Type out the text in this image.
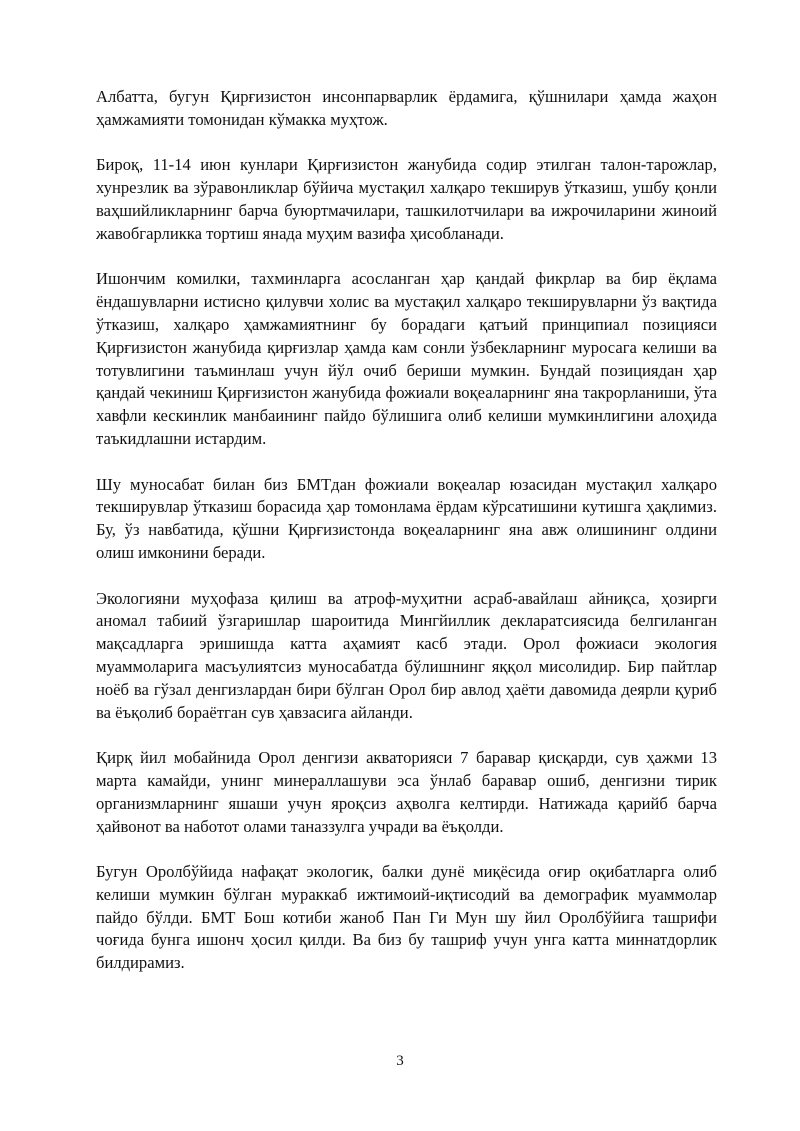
Албатта, бугун Қирғизистон инсонпарварлик ёрдамига, қўшнилари ҳамда жаҳон ҳамжамияти томонидан кўмакка муҳтож.

Бироқ, 11-14 июн кунлари Қирғизистон жанубида содир этилган талон-тарожлар, хунрезлик ва зўравонликлар бўйича мустақил халқаро текширув ўтказиш, ушбу қонли ваҳшийликларнинг барча буюртмачилари, ташкилотчилари ва ижрочиларини жиноий жавобгарликка тортиш янада муҳим вазифа ҳисобланади.

Ишончим комилки, тахминларга асосланган ҳар қандай фикрлар ва бир ёқлама ёндашувларни истисно қилувчи холис ва мустақил халқаро текширувларни ўз вақтида ўтказиш, халқаро ҳамжамиятнинг бу борадаги қатъий принципиал позицияси Қирғизистон жанубида қирғизлар ҳамда кам сонли ўзбекларнинг муросага келиши ва тотувлигини таъминлаш учун йўл очиб бериши мумкин. Бундай позициядан ҳар қандай чекиниш Қирғизистон жанубида фожиали воқеаларнинг яна такрорланиши, ўта хавфли кескинлик манбаининг пайдо бўлишига олиб келиши мумкинлигини алоҳида таъкидлашни истардим.

Шу муносабат билан биз БМТдан фожиали воқеалар юзасидан мустақил халқаро текширувлар ўтказиш борасида ҳар томонлама ёрдам кўрсатишини кутишга ҳақлимиз. Бу, ўз навбатида, қўшни Қирғизистонда воқеаларнинг яна авж олишининг олдини олиш имконини беради.

Экологияни муҳофаза қилиш ва атроф-муҳитни асраб-авайлаш айниқса, ҳозирги аномал табиий ўзгаришлар шароитида Мингйиллик декларатсиясида белгиланган мақсадларга эришишда катта аҳамият касб этади. Орол фожиаси экология муаммоларига масъулиятсиз муносабатда бўлишнинг яққол мисолидир. Бир пайтлар ноёб ва гўзал денгизлардан бири бўлган Орол бир авлод ҳаёти давомида деярли қуриб ва ёъқолиб бораётган сув ҳавзасига айланди.

Қирқ йил мобайнида Орол денгизи акваторияси 7 баравар қисқарди, сув ҳажми 13 марта камайди, унинг минераллашуви эса ўнлаб баравар ошиб, денгизни тирик организмларнинг яшаши учун яроқсиз аҳволга келтирди. Натижада қарийб барча ҳайвонот ва наботот олами таназзулга учради ва ёъқолди.

Бугун Оролбўйида нафақат экологик, балки дунё миқёсида оғир оқибатларга олиб келиши мумкин бўлган мураккаб ижтимоий-иқтисодий ва демографик муаммолар пайдо бўлди. БМТ Бош котиби жаноб Пан Ги Мун шу йил Оролбўйига ташрифи чоғида бунга ишонч ҳосил қилди. Ва биз бу ташриф учун унга катта миннатдорлик билдирамиз.

3
